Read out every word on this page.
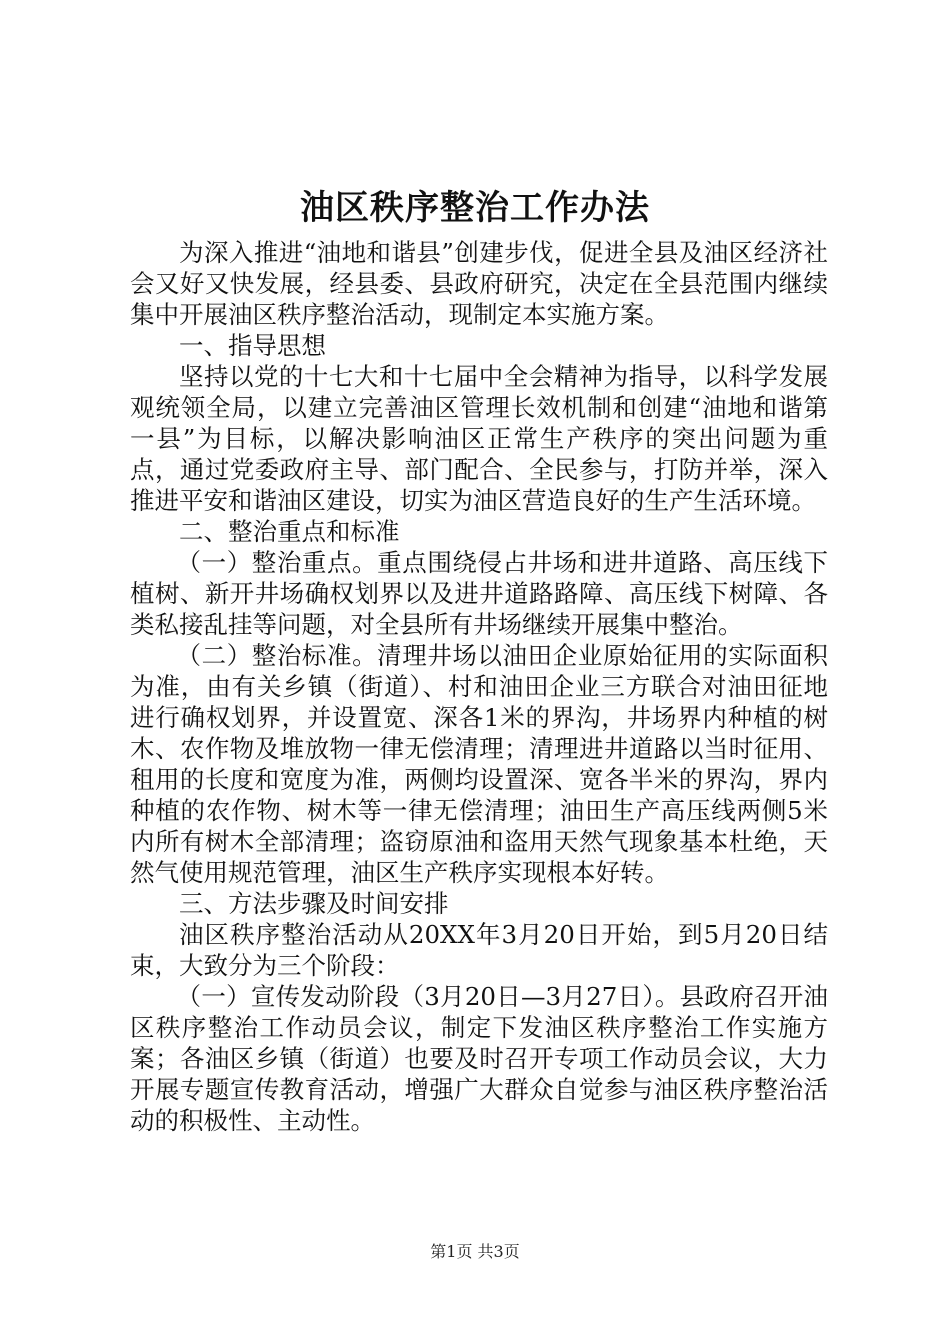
油区秩序整治工作办法

为深入推进“油地和谐县”创建步伐，促进全县及油区经济社会又好又快发展，经县委、县政府研究，决定在全县范围内继续集中开展油区秩序整治活动，现制定本实施方案。

一、指导思想

坚持以党的十七大和十七届中全会精神为指导，以科学发展观统领全局，以建立完善油区管理长效机制和创建“油地和谐第一县”为目标，以解决影响油区正常生产秩序的突出问题为重点，通过党委政府主导、部门配合、全民参与，打防并举，深入推进平安和谐油区建设，切实为油区营造良好的生产生活环境。

二、整治重点和标准

（一）整治重点。重点围绕侵占井场和进井道路、高压线下植树、新开井场确权划界以及进井道路路障、高压线下树障、各类私接乱挂等问题，对全县所有井场继续开展集中整治。

（二）整治标准。清理井场以油田企业原始征用的实际面积为准，由有关乡镇（街道）、村和油田企业三方联合对油田征地进行确权划界，并设置宽、深各1米的界沟，井场界内种植的树木、农作物及堆放物一律无偿清理；清理进井道路以当时征用、租用的长度和宽度为准，两侧均设置深、宽各半米的界沟，界内种植的农作物、树木等一律无偿清理；油田生产高压线两侧5米内所有树木全部清理；盗窃原油和盗用天然气现象基本杜绝，天然气使用规范管理，油区生产秩序实现根本好转。

三、方法步骤及时间安排

油区秩序整治活动从20XX年3月20日开始，到5月20日结束，大致分为三个阶段：

（一）宣传发动阶段（3月20日—3月27日）。县政府召开油区秩序整治工作动员会议，制定下发油区秩序整治工作实施方案；各油区乡镇（街道）也要及时召开专项工作动员会议，大力开展专题宣传教育活动，增强广大群众自觉参与油区秩序整治活动的积极性、主动性。

第1页 共3页
